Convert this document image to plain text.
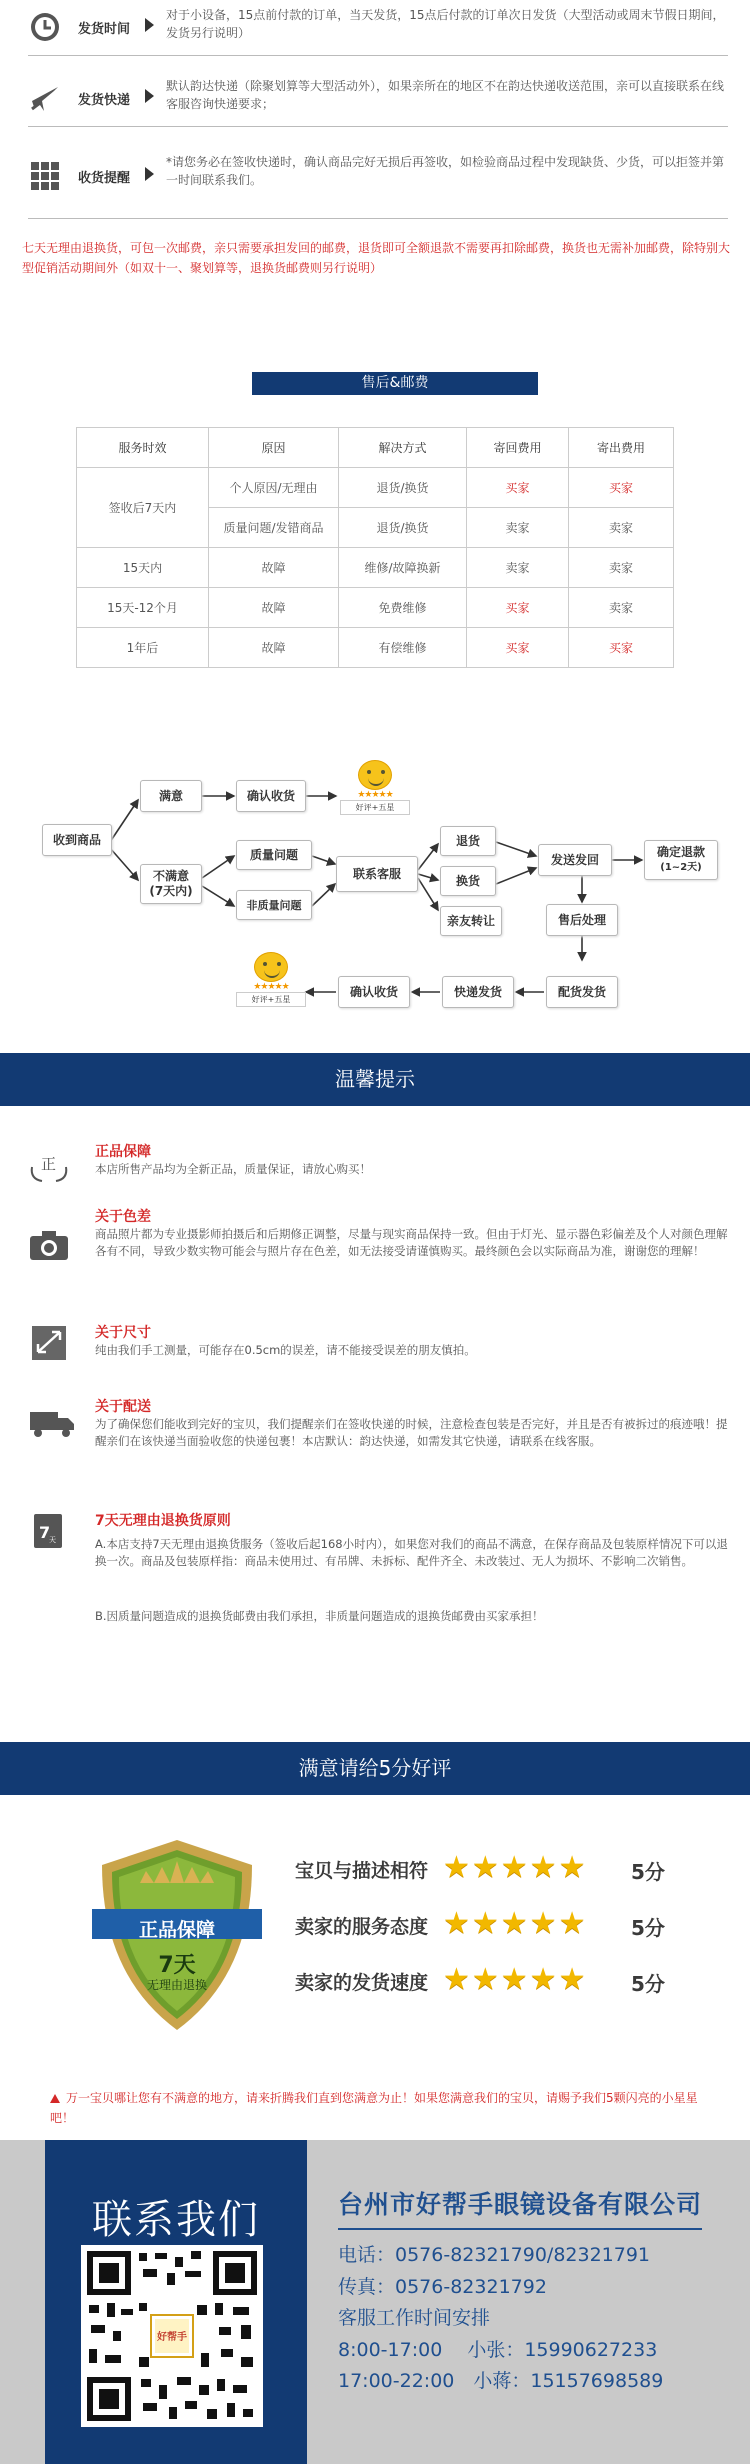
发货时间
对于小设备，15点前付款的订单，当天发货，15点后付款的订单次日发货（大型活动或周末节假日期间，发货另行说明）
发货快递
默认韵达快递（除聚划算等大型活动外），如果亲所在的地区不在韵达快递收送范围，亲可以直接联系在线客服咨询快递要求；
收货提醒
*请您务必在签收快递时，确认商品完好无损后再签收，如检验商品过程中发现缺货、少货，可以拒签并第一时间联系我们。
七天无理由退换货，可包一次邮费，亲只需要承担发回的邮费，退货即可全额退款不需要再扣除邮费，换货也无需补加邮费，除特别大型促销活动期间外（如双十一、聚划算等，退换货邮费则另行说明）
售后&邮费
服务时效	原因	解决方式	寄回费用	寄出费用
签收后7天内	个人原因/无理由	退货/换货	买家	买家
	质量问题/发错商品	退货/换货	卖家	卖家
15天内	故障	维修/故障换新	卖家	卖家
15天-12个月	故障	免费维修	买家	卖家
1年后	故障	有偿维修	买家	买家
收到商品
满意	确认收货	★★★★★
好评+五星
不满意
(7天内)
质量问题
非质量问题
联系客服
退货
换货
亲友转让
发送发回
确定退款
(1~2天)
售后处理
配货发货
快递发货
确认收货
★★★★★
好评+五星
温馨提示
正
正品保障
本店所售产品均为全新正品，质量保证，请放心购买！
关于色差
商品照片都为专业摄影师拍摄后和后期修正调整，尽量与现实商品保持一致。但由于灯光、显示器色彩偏差及个人对颜色理解各有不同，导致少数实物可能会与照片存在色差，如无法接受请谨慎购买。最终颜色会以实际商品为准，谢谢您的理解！
关于尺寸
纯由我们手工测量，可能存在0.5cm的误差，请不能接受误差的朋友慎拍。
关于配送
为了确保您们能收到完好的宝贝，我们提醒亲们在签收快递的时候，注意检查包装是否完好，并且是否有被拆过的痕迹哦！提醒亲们在该快递当面验收您的快递包裹！本店默认：韵达快递，如需发其它快递，请联系在线客服。
7
天
7天无理由退换货原则
A.本店支持7天无理由退换货服务（签收后起168小时内），如果您对我们的商品不满意，在保存商品及包装原样情况下可以退换一次。商品及包装原样指：商品未使用过、有吊牌、未拆标、配件齐全、未改装过、无人为损坏、不影响二次销售。
B.因质量问题造成的退换货邮费由我们承担，非质量问题造成的退换货邮费由买家承担！
满意请给5分好评
正品保障
7天
无理由退换
宝贝与描述相符 ★★★★★ 5分
卖家的服务态度 ★★★★★ 5分
卖家的发货速度 ★★★★★ 5分
万一宝贝哪让您有不满意的地方，请来折腾我们直到您满意为止！如果您满意我们的宝贝，请赐予我们5颗闪亮的小星星吧！
联系我们
好帮手
台州市好帮手眼镜设备有限公司
电话：0576-82321790/82321791
传真：0576-82321792
客服工作时间安排
8:00-17:00　 小张：15990627233
17:00-22:00　小蒋：15157698589
